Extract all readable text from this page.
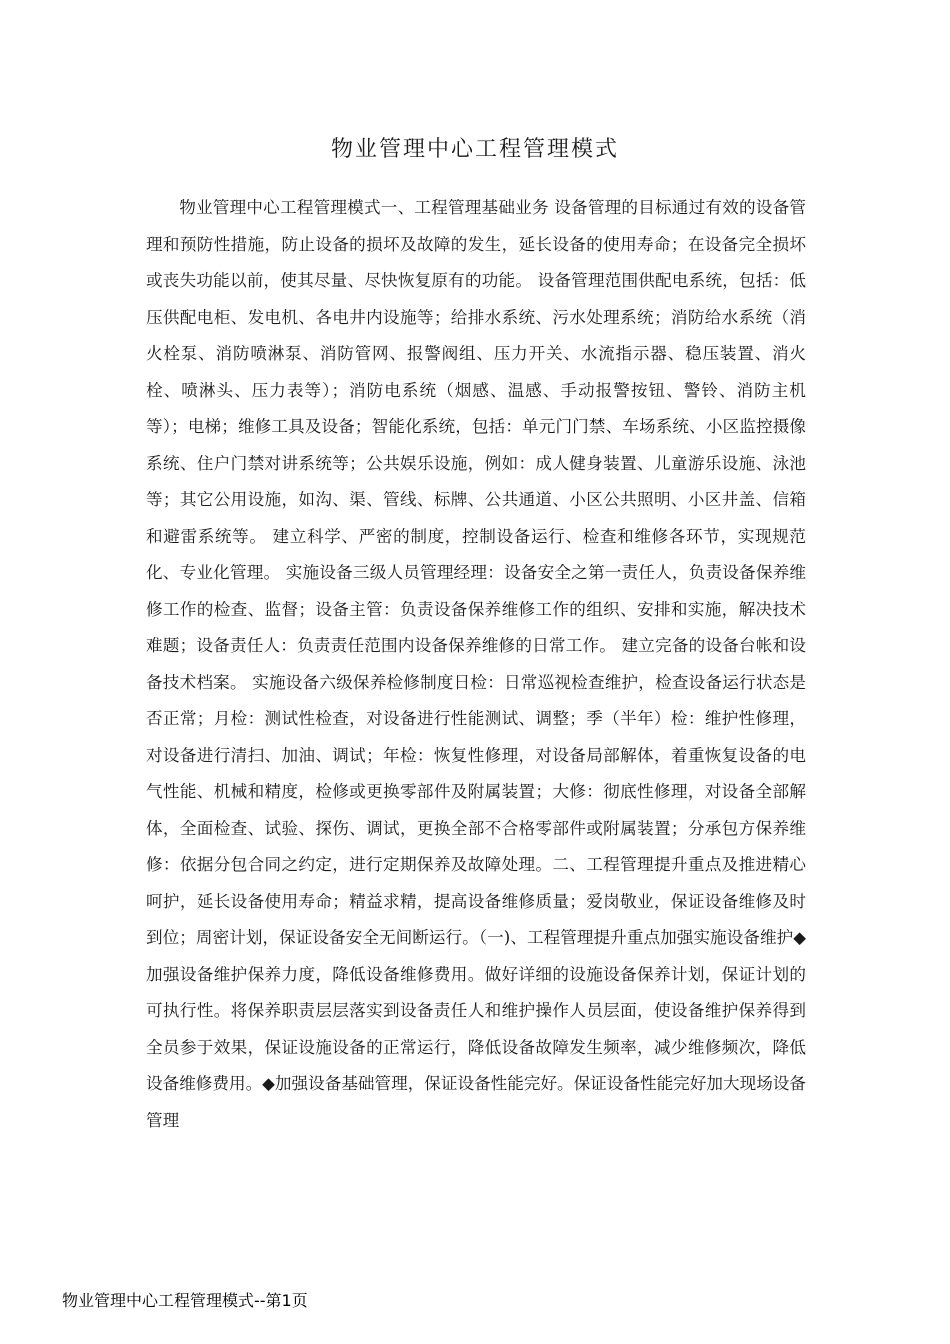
物业管理中心工程管理模式

物业管理中心工程管理模式一、工程管理基础业务 设备管理的目标通过有效的设备管理和预防性措施，防止设备的损坏及故障的发生，延长设备的使用寿命；在设备完全损坏或丧失功能以前，使其尽量、尽快恢复原有的功能。 设备管理范围供配电系统，包括：低压供配电柜、发电机、各电井内设施等；给排水系统、污水处理系统；消防给水系统（消火栓泵、消防喷淋泵、消防管网、报警阀组、压力开关、水流指示器、稳压装置、消火栓、喷淋头、压力表等）；消防电系统（烟感、温感、手动报警按钮、警铃、消防主机等）；电梯；维修工具及设备；智能化系统，包括：单元门门禁、车场系统、小区监控摄像系统、住户门禁对讲系统等；公共娱乐设施，例如：成人健身装置、儿童游乐设施、泳池等；其它公用设施，如沟、渠、管线、标牌、公共通道、小区公共照明、小区井盖、信箱和避雷系统等。 建立科学、严密的制度，控制设备运行、检查和维修各环节，实现规范化、专业化管理。 实施设备三级人员管理经理：设备安全之第一责任人，负责设备保养维修工作的检查、监督；设备主管：负责设备保养维修工作的组织、安排和实施，解决技术难题；设备责任人：负责责任范围内设备保养维修的日常工作。 建立完备的设备台帐和设备技术档案。 实施设备六级保养检修制度日检：日常巡视检查维护，检查设备运行状态是否正常；月检：测试性检查，对设备进行性能测试、调整；季（半年）检：维护性修理，对设备进行清扫、加油、调试；年检：恢复性修理，对设备局部解体，着重恢复设备的电气性能、机械和精度，检修或更换零部件及附属装置；大修：彻底性修理，对设备全部解体，全面检查、试验、探伤、调试，更换全部不合格零部件或附属装置；分承包方保养维修：依据分包合同之约定，进行定期保养及故障处理。二、工程管理提升重点及推进精心呵护，延长设备使用寿命；精益求精，提高设备维修质量；爱岗敬业，保证设备维修及时到位；周密计划，保证设备安全无间断运行。（一)、工程管理提升重点加强实施设备维护◆加强设备维护保养力度，降低设备维修费用。做好详细的设施设备保养计划，保证计划的可执行性。将保养职责层层落实到设备责任人和维护操作人员层面，使设备维护保养得到全员参于效果，保证设施设备的正常运行，降低设备故障发生频率，减少维修频次，降低设备维修费用。◆加强设备基础管理，保证设备性能完好。保证设备性能完好加大现场设备管理

物业管理中心工程管理模式--第1页
